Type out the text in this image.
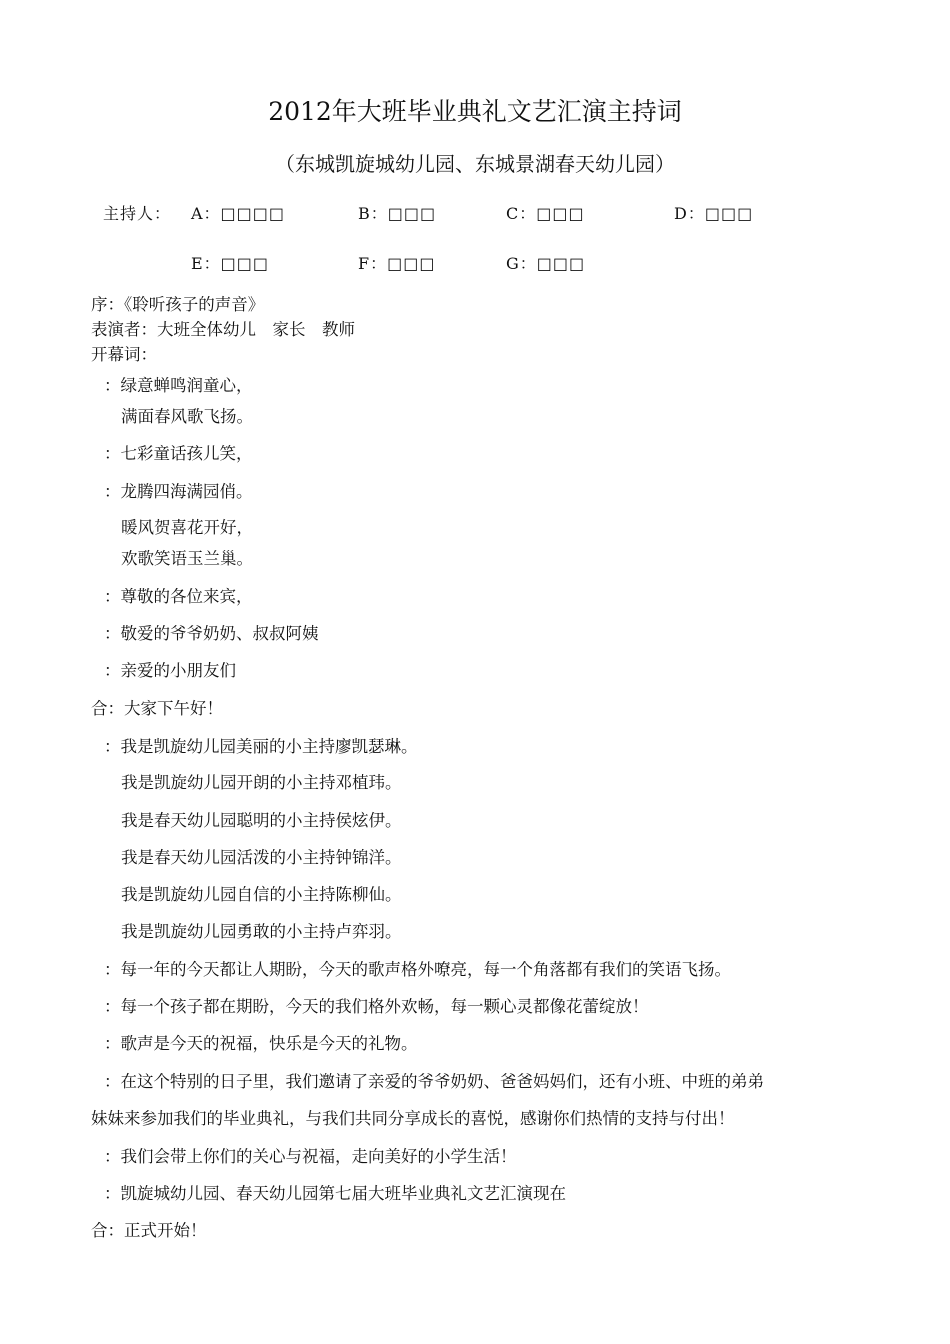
2012年大班毕业典礼文艺汇演主持词
（东城凯旋城幼儿园、东城景湖春天幼儿园）
主持人： A：□□□□	B：□□□	C：□□□	D：□□□
E：□□□	F：□□□	G：□□□
序：《聆听孩子的声音》
表演者：大班全体幼儿　家长　教师
开幕词：
：绿意蝉鸣润童心，
满面春风歌飞扬。
：七彩童话孩儿笑，
：龙腾四海满园俏。
暖风贺喜花开好，
欢歌笑语玉兰巢。
：尊敬的各位来宾，
：敬爱的爷爷奶奶、叔叔阿姨
：亲爱的小朋友们
合：大家下午好！
：我是凯旋幼儿园美丽的小主持廖凯瑟琳。
我是凯旋幼儿园开朗的小主持邓植玮。
我是春天幼儿园聪明的小主持侯炫伊。
我是春天幼儿园活泼的小主持钟锦洋。
我是凯旋幼儿园自信的小主持陈柳仙。
我是凯旋幼儿园勇敢的小主持卢弈羽。
：每一年的今天都让人期盼，今天的歌声格外嘹亮，每一个角落都有我们的笑语飞扬。
：每一个孩子都在期盼，今天的我们格外欢畅，每一颗心灵都像花蕾绽放！
：歌声是今天的祝福，快乐是今天的礼物。
：在这个特别的日子里，我们邀请了亲爱的爷爷奶奶、爸爸妈妈们，还有小班、中班的弟弟
妹妹来参加我们的毕业典礼，与我们共同分享成长的喜悦，感谢你们热情的支持与付出！
：我们会带上你们的关心与祝福，走向美好的小学生活！
：凯旋城幼儿园、春天幼儿园第七届大班毕业典礼文艺汇演现在
合：正式开始！
